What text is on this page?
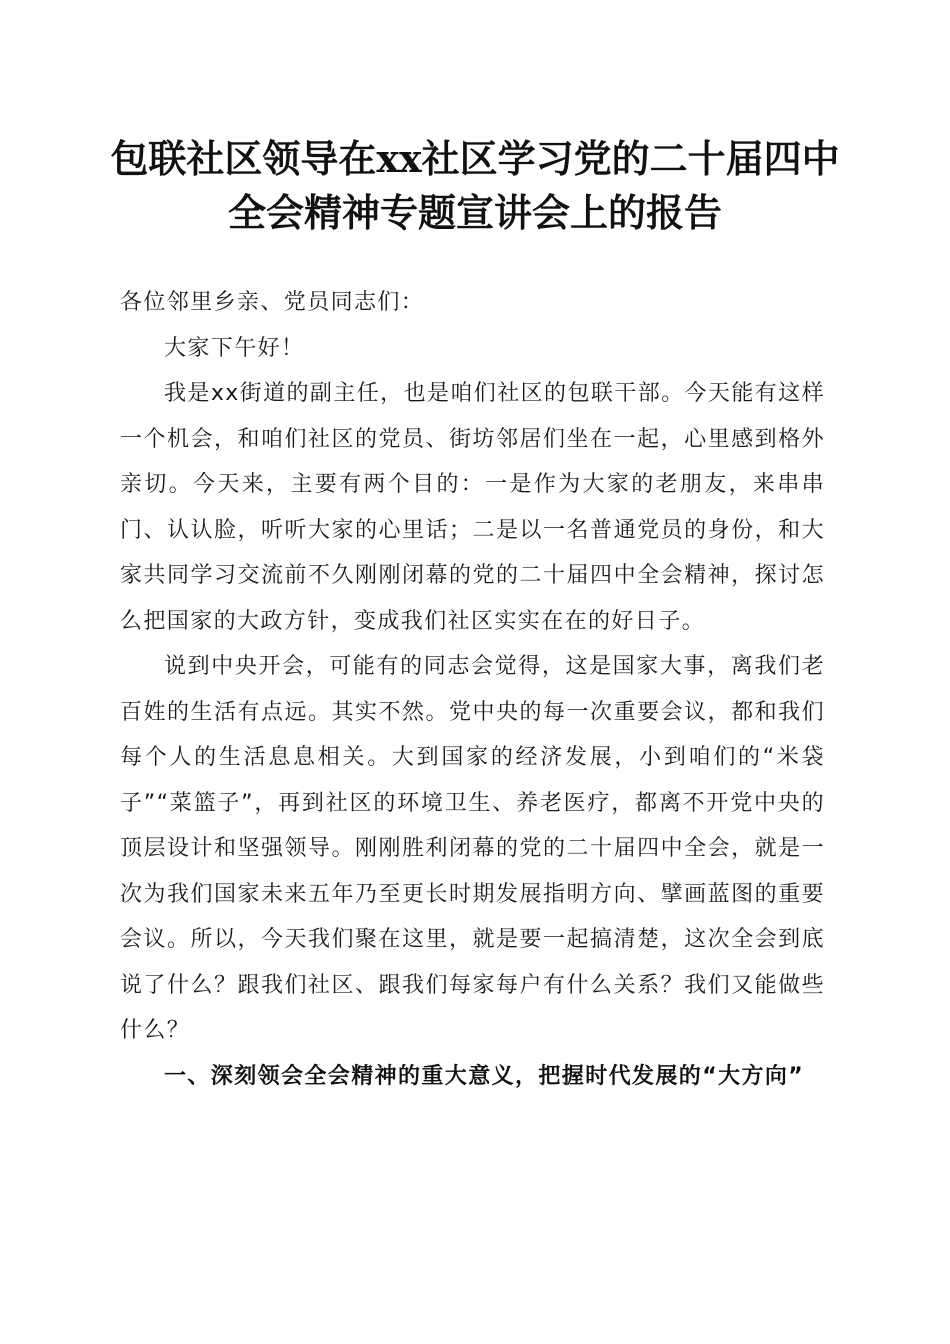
包联社区领导在xx社区学习党的二十届四中
全会精神专题宣讲会上的报告

各位邻里乡亲、党员同志们：

大家下午好！

我是xx街道的副主任，也是咱们社区的包联干部。今天能有这样一个机会，和咱们社区的党员、街坊邻居们坐在一起，心里感到格外亲切。今天来，主要有两个目的：一是作为大家的老朋友，来串串门、认认脸，听听大家的心里话；二是以一名普通党员的身份，和大家共同学习交流前不久刚刚闭幕的党的二十届四中全会精神，探讨怎么把国家的大政方针，变成我们社区实实在在的好日子。

说到中央开会，可能有的同志会觉得，这是国家大事，离我们老百姓的生活有点远。其实不然。党中央的每一次重要会议，都和我们每个人的生活息息相关。大到国家的经济发展，小到咱们的“米袋子”“菜篮子”，再到社区的环境卫生、养老医疗，都离不开党中央的顶层设计和坚强领导。刚刚胜利闭幕的党的二十届四中全会，就是一次为我们国家未来五年乃至更长时期发展指明方向、擘画蓝图的重要会议。所以，今天我们聚在这里，就是要一起搞清楚，这次全会到底说了什么？跟我们社区、跟我们每家每户有什么关系？我们又能做些什么？

一、深刻领会全会精神的重大意义，把握时代发展的“大方向”
